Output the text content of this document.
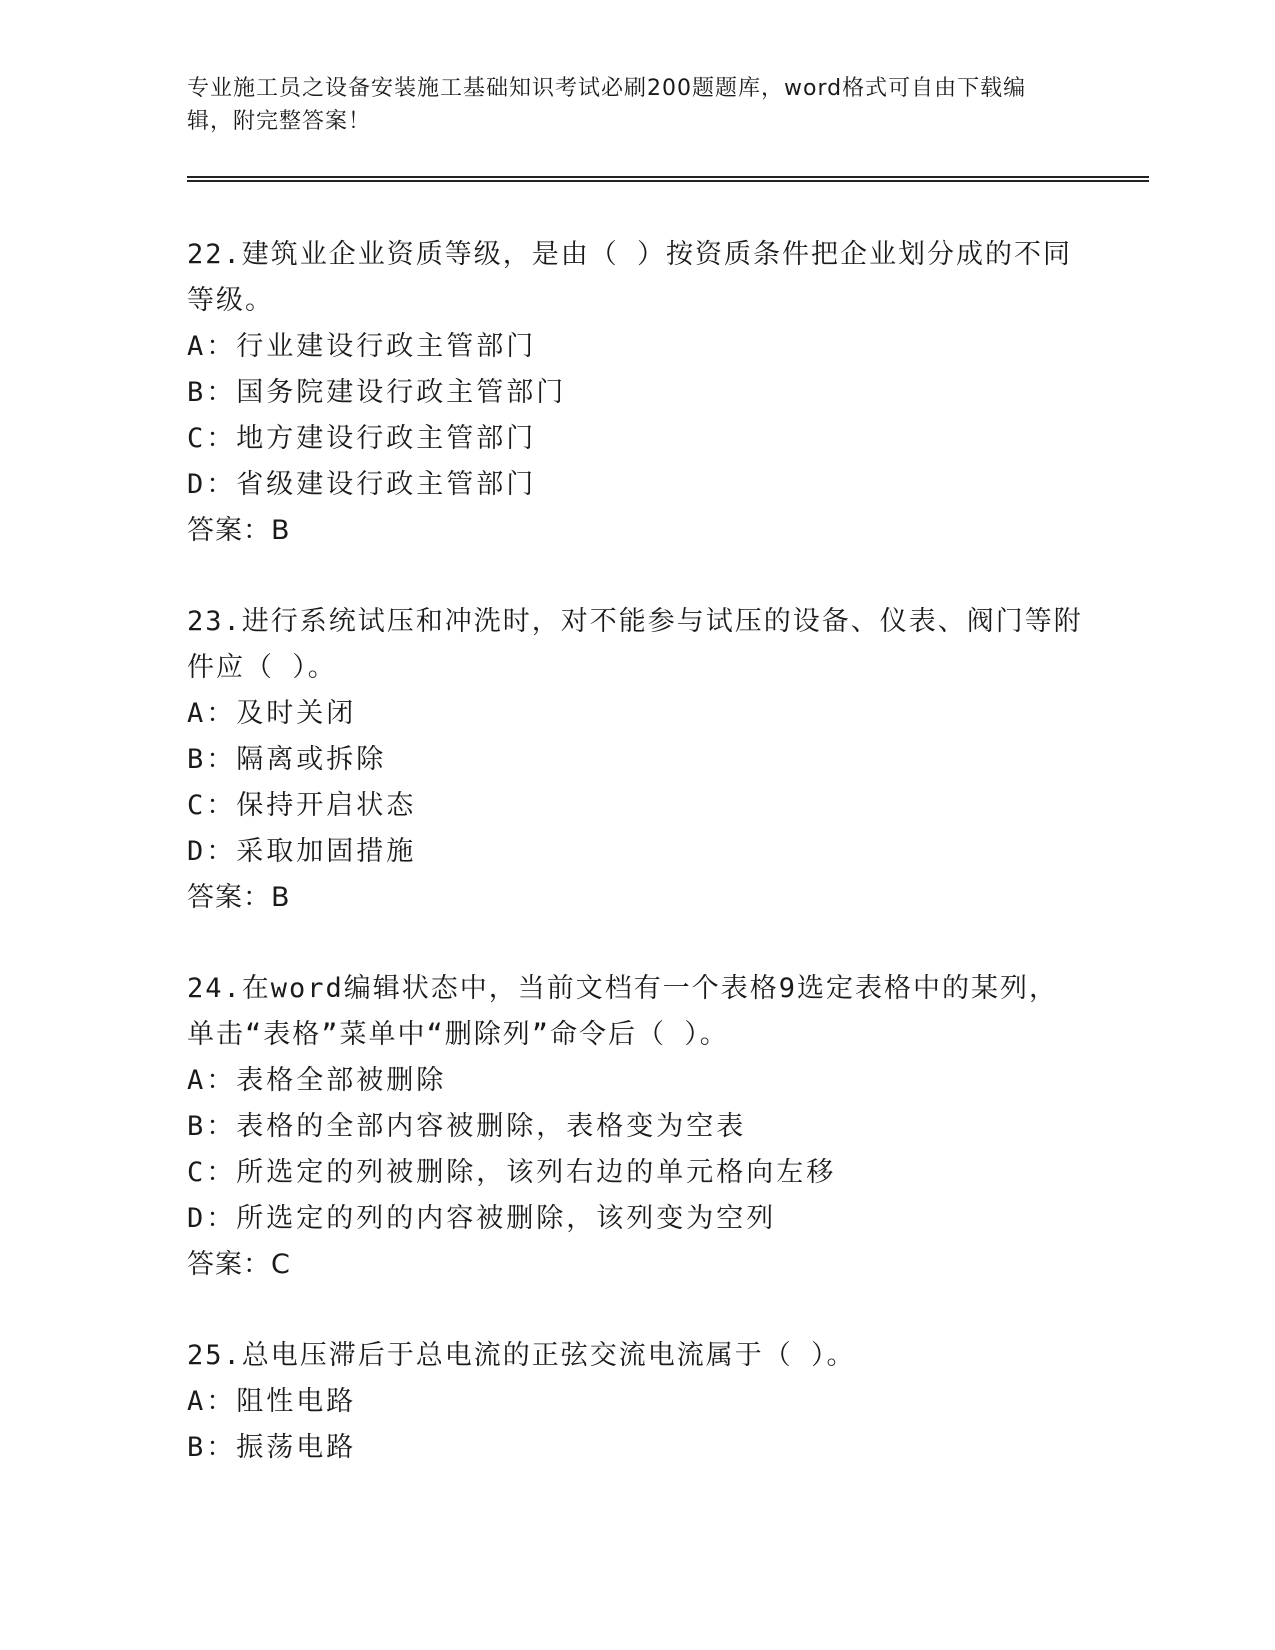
专业施工员之设备安装施工基础知识考试必刷200题题库，word格式可自由下载编辑，附完整答案！
22.建筑业企业资质等级，是由（ ）按资质条件把企业划分成的不同等级。
A：行业建设行政主管部门
B：国务院建设行政主管部门
C：地方建设行政主管部门
D：省级建设行政主管部门
答案：B
23.进行系统试压和冲洗时，对不能参与试压的设备、仪表、阀门等附件应（ ）。
A：及时关闭
B：隔离或拆除
C：保持开启状态
D：采取加固措施
答案：B
24.在word编辑状态中，当前文档有一个表格9选定表格中的某列，单击“表格”菜单中“删除列”命令后（ ）。
A：表格全部被删除
B：表格的全部内容被删除，表格变为空表
C：所选定的列被删除，该列右边的单元格向左移
D：所选定的列的内容被删除，该列变为空列
答案：C
25.总电压滞后于总电流的正弦交流电流属于（ ）。
A：阻性电路
B：振荡电路
